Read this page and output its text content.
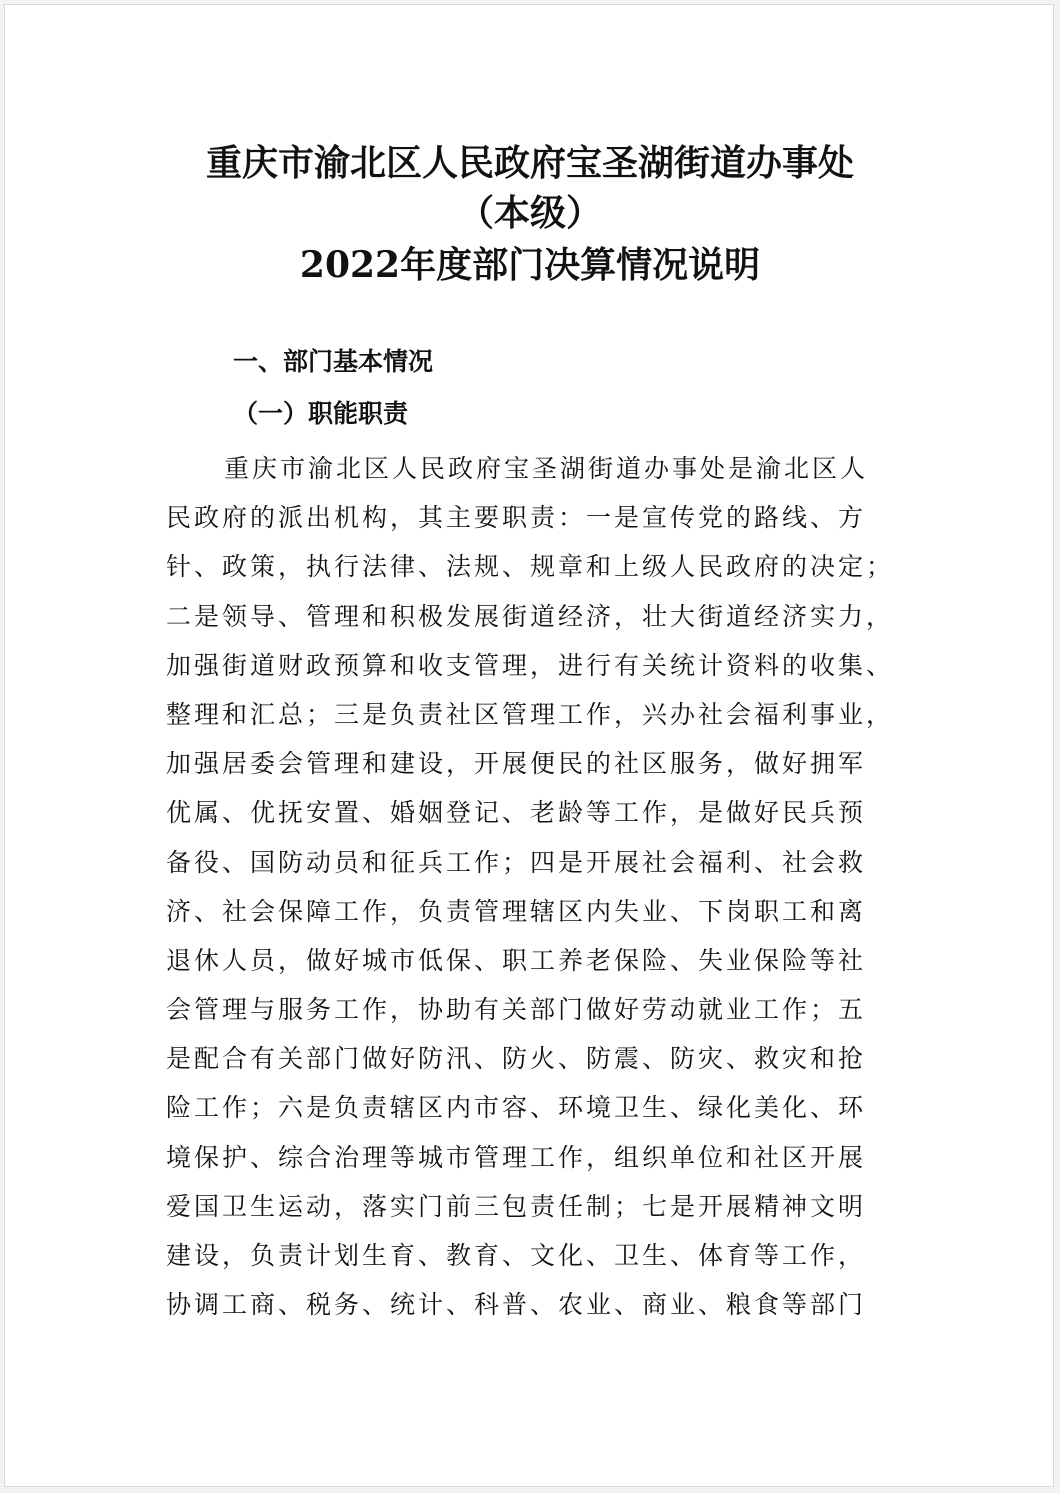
重庆市渝北区人民政府宝圣湖街道办事处
（本级）
2022年度部门决算情况说明
一、部门基本情况
（一）职能职责
重庆市渝北区人民政府宝圣湖街道办事处是渝北区人
民政府的派出机构，其主要职责：一是宣传党的路线、方
针、政策，执行法律、法规、规章和上级人民政府的决定；
二是领导、管理和积极发展街道经济，壮大街道经济实力，
加强街道财政预算和收支管理，进行有关统计资料的收集、
整理和汇总；三是负责社区管理工作，兴办社会福利事业，
加强居委会管理和建设，开展便民的社区服务，做好拥军
优属、优抚安置、婚姻登记、老龄等工作，是做好民兵预
备役、国防动员和征兵工作；四是开展社会福利、社会救
济、社会保障工作，负责管理辖区内失业、下岗职工和离
退休人员，做好城市低保、职工养老保险、失业保险等社
会管理与服务工作，协助有关部门做好劳动就业工作；五
是配合有关部门做好防汛、防火、防震、防灾、救灾和抢
险工作；六是负责辖区内市容、环境卫生、绿化美化、环
境保护、综合治理等城市管理工作，组织单位和社区开展
爱国卫生运动，落实门前三包责任制；七是开展精神文明
建设，负责计划生育、教育、文化、卫生、体育等工作，
协调工商、税务、统计、科普、农业、商业、粮食等部门
